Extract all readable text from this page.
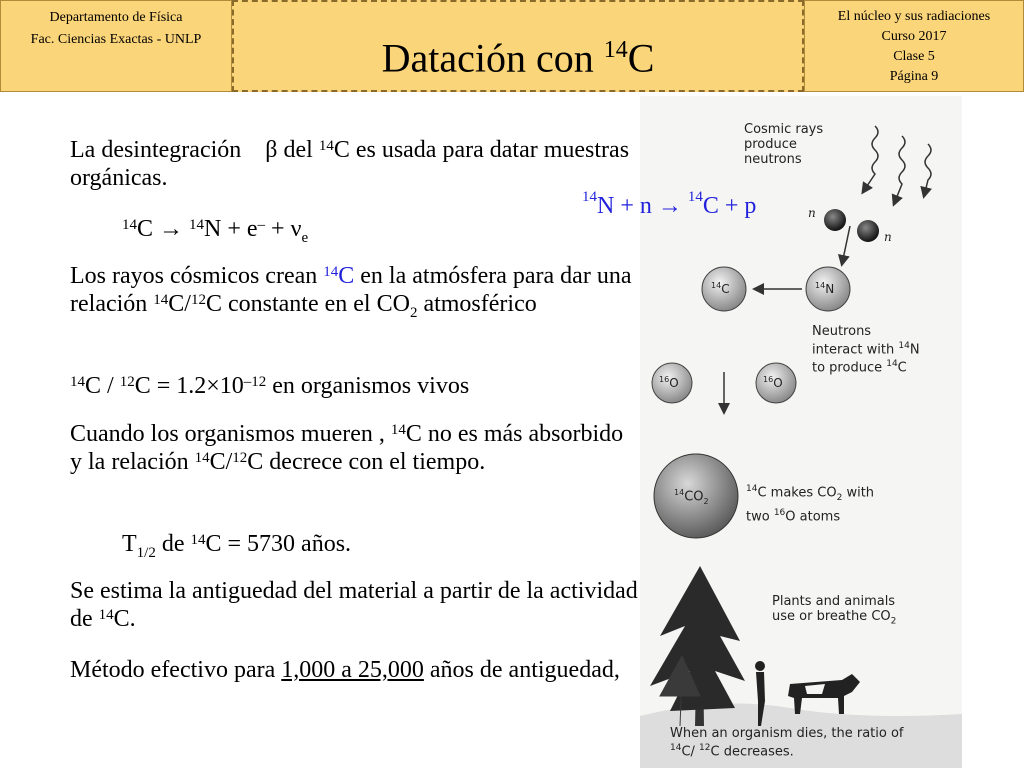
Departamento de Física
Fac. Ciencias Exactas - UNLP	Datación con $^{14}$C
El núcleo y sus radiaciones
Curso 2017
Clase 5
Página 9
La desintegración    β del $^{14}$C es usada para datar muestras orgánicas.
$^{14}C \to ^{14}N + e^- + \nu_e$
Los rayos cósmicos crean $^{14}$C en la atmósfera para dar una relación $^{14}$C/$^{12}$C constante en el $CO_2$ atmosférico
$^{14}C / ^{12}C = 1.2\times 10^{-12}$ en organismos vivos
Cuando los organismos mueren , $^{14}$C no es más absorbido y la relación $^{14}$C/$^{12}$C decrece con el tiempo.
$T_{1/2}$ de $^{14}$C = 5730 años.
Se estima la antiguedad del material a partir de la actividad de $^{14}$C.
Método efectivo para 1,000 a 25,000 años de antiguedad,
Cosmic rays
produce
neutrons
n
n
$^{14}$C	$^{14}$N
Neutrons
interact with $^{14}$N
to produce $^{14}$C
$^{16}$O	$^{16}$O
$^{14}CO_2$
$^{14}$C makes $CO_2$ with
two $^{16}$O atoms
Plants and animals
use or breathe $CO_2$
When an organism dies, the ratio of
$^{14}$C/ $^{12}$C decreases.
$^{14}$N + n → $^{14}$C + p
